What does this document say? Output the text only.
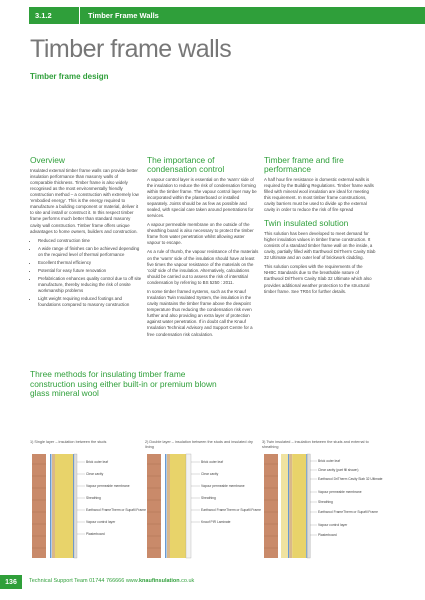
3.1.2	Timber Frame Walls
Timber frame walls
Timber frame design
Overview

Insulated external timber frame walls can provide better insulation performance than masonry walls of comparable thickness. Timber frame is also widely recognised as the most environmentally friendly construction method – a construction with extremely low ‘embodied energy’. This is the energy required to manufacture a building component or material, deliver it to site and install or construct it. In this respect timber frame performs much better than standard masonry cavity wall construction. Timber frame offers unique advantages to home owners, builders and construction.

• Reduced construction time
• A wide range of finishes can be achieved depending on the required level of thermal performance
• Excellent thermal efficiency
• Potential for easy future renovation
• Prefabrication enhances quality control due to off site manufacture, thereby reducing the risk of onsite workmanship problems
• Light weight requiring reduced footings and foundations compared to masonry construction
The importance of condensation control

A vapour control layer is essential on the ‘warm’ side of the insulation to reduce the risk of condensation forming within the timber frame. The vapour control layer may be incorporated within the plasterboard or installed separately. Joints should be as few as possible and sealed, with special care taken around penetrations for services.

A vapour permeable membrane on the outside of the sheathing board is also necessary to protect the timber frame from water penetration whilst allowing water vapour to escape.

As a rule of thumb, the vapour resistance of the materials on the ‘warm’ side of the insulation should have at least five times the vapour resistance of the materials on the ‘cold’ side of the insulation. Alternatively, calculations should be carried out to assess the risk of interstitial condensation by referring to BS 5250 : 2011.

In some timber framed systems, such as the Knauf Insulation Twin Insulated System, the insulation in the cavity maintains the timber frame above the dewpoint temperature thus reducing the condensation risk even further and also providing an extra layer of protection against water penetration. If in doubt call the Knauf Insulation Technical Advisory and Support Centre for a free condensation risk calculation.

Timber frame and fire performance

A half hour fire resistance in domestic external walls is required by the Building Regulations. Timber frame walls filled with mineral wool insulation are ideal for meeting this requirement. In most timber frame constructions, cavity barriers must be used to divide up the external cavity in order to reduce the risk of fire spread

Twin insulated solution

This solution has been developed to meet demand for higher insulation values in timber frame construction. It consists of a standard timber frame wall on the inside, a cavity, partially filled with Earthwool DriTherm Cavity Slab 32 Ultimate and an outer leaf of brickwork cladding.

This solution complies with the requirements of the NHBC Standards due to the breathable nature of Earthwool DriTherm Cavity Slab 32 Ultimate which also provides additional weather protection to the structural timber frame. See TR04 for further details.

Three methods for insulating timber frame construction using either built-in or premium blown glass mineral wool
1) Single layer – insulation between the studs
Brick outer leaf
Clear cavity
Vapour permeable membrane
Sheathing
Earthwool FrameTherm or Supafil Frame
Vapour control layer
Plasterboard
2) Double layer – insulation between the studs and insulated dry lining
Brick outer leaf
Clear cavity
Vapour permeable membrane
Sheathing
Earthwool FrameTherm or Supafil Frame
Knauf PIR Laminate
3) Twin insulated – insulation between the studs and external to sheathing
Brick outer leaf
Clear cavity (part fill shown)
Earthwool DriTherm Cavity Slab 32 Ultimate
Vapour permeable membrane
Sheathing
Earthwool FrameTherm or Supafil Frame
Vapour control layer
Plasterboard
136	Technical Support Team 01744 766666 www.knaufinsulation.co.uk
